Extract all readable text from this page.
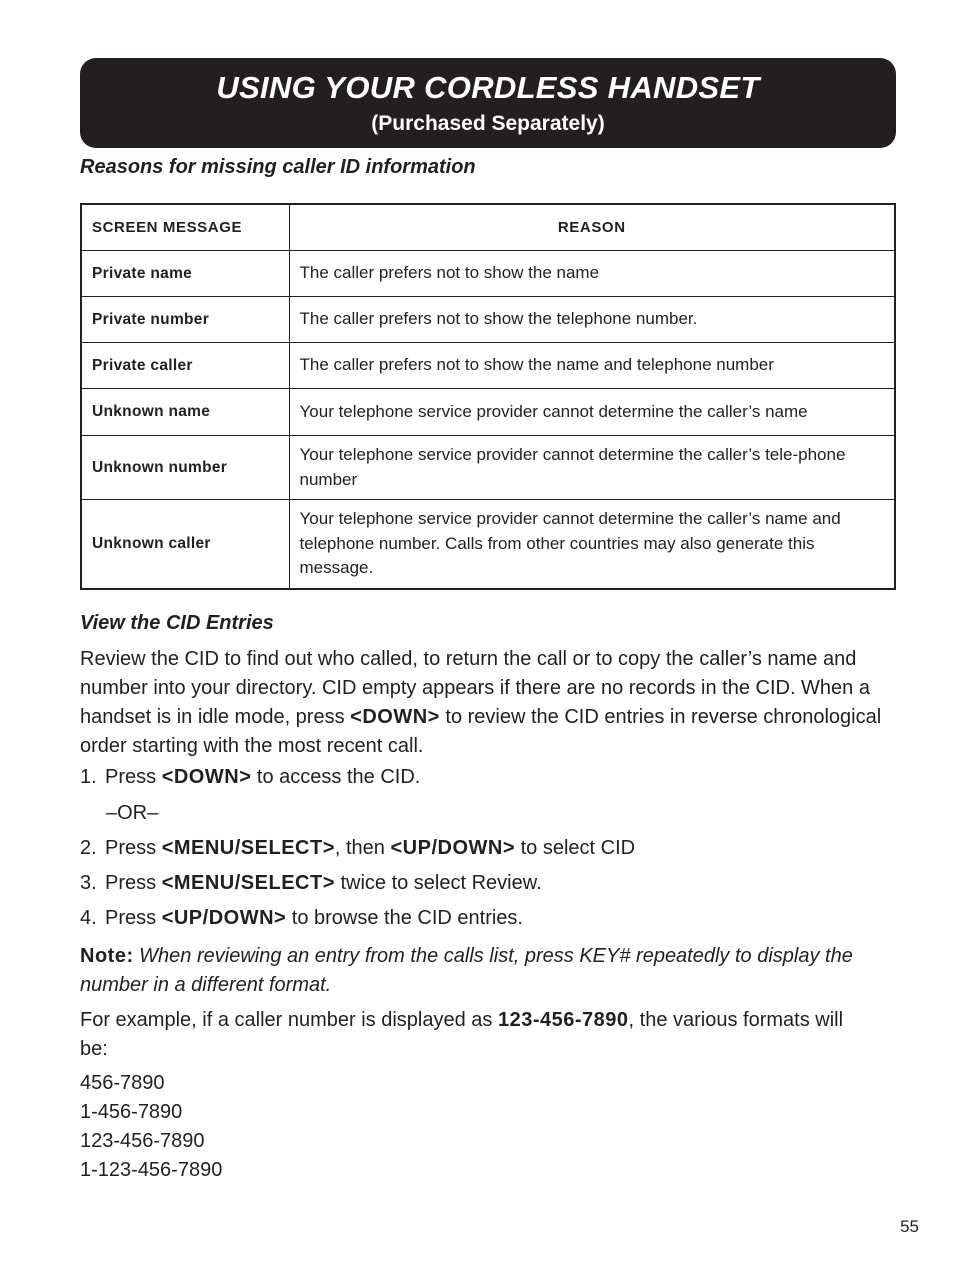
USING YOUR CORDLESS HANDSET
(Purchased Separately)
Reasons for missing caller ID information
SCREEN MESSAGE	REASON
Private name	The caller prefers not to show the name
Private number	The caller prefers not to show the telephone number.
Private caller	The caller prefers not to show the name and telephone number
Unknown name	Your telephone service provider cannot determine the caller’s name
Unknown number	Your telephone service provider cannot determine the caller’s tele-phone number
Unknown caller	Your telephone service provider cannot determine the caller’s name and telephone number. Calls from other countries may also generate this message.
View the CID Entries
Review the CID to find out who called, to return the call or to copy the caller’s name and number into your directory. CID empty appears if there are no records in the CID. When a handset is in idle mode, press <DOWN> to review the CID entries in reverse chronological order starting with the most recent call.
1. Press <DOWN> to access the CID.
–OR–
2. Press <MENU/SELECT>, then <UP/DOWN> to select CID
3. Press <MENU/SELECT> twice to select Review.
4. Press <UP/DOWN> to browse the CID entries.
Note: When reviewing an entry from the calls list, press KEY# repeatedly to display the number in a different format.
For example, if a caller number is displayed as 123-456-7890, the various formats will be:
456-7890
1-456-7890
123-456-7890
1-123-456-7890
55
